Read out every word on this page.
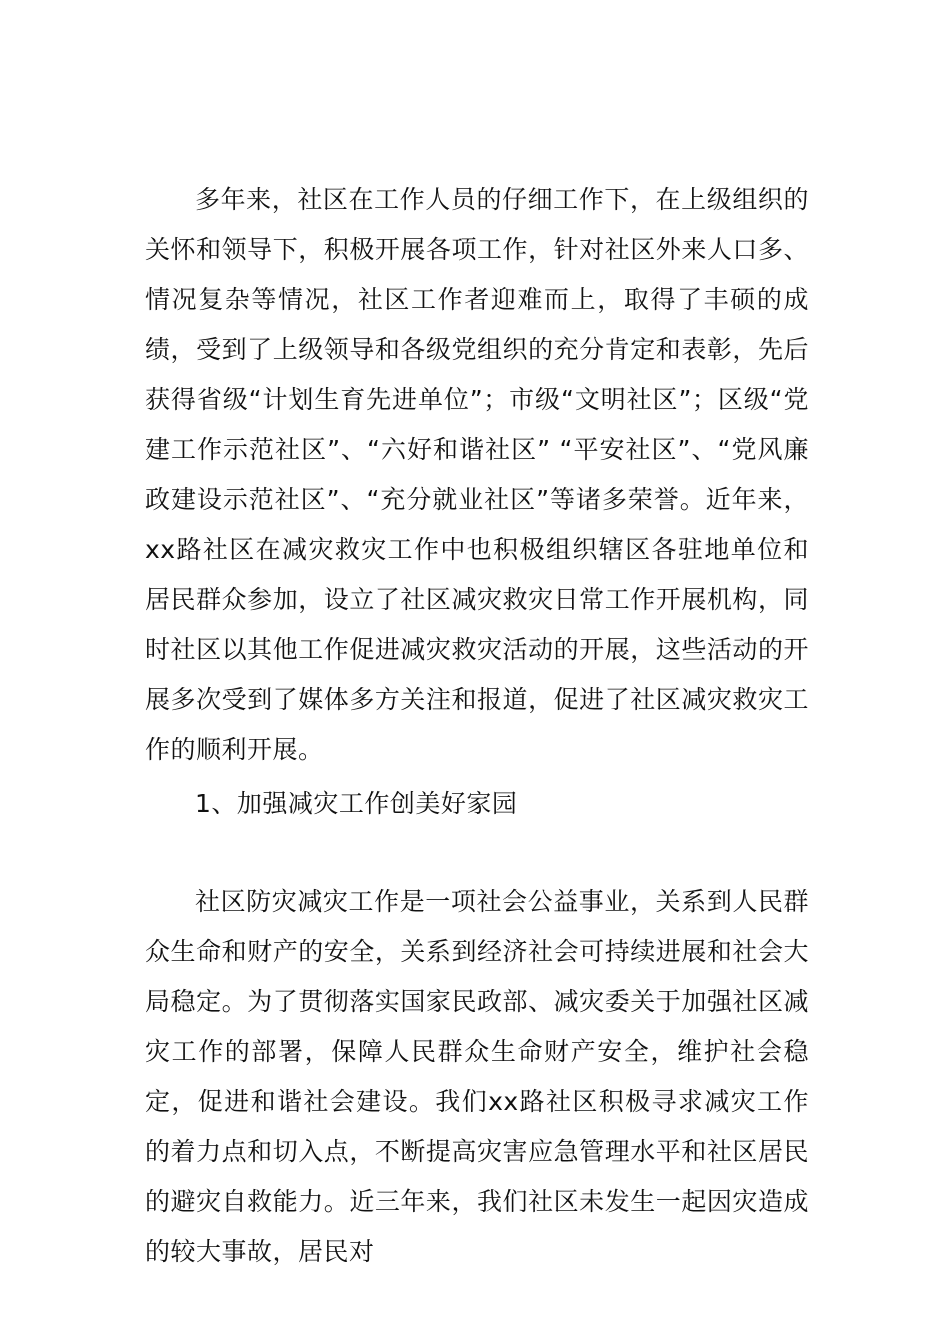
多年来，社区在工作人员的仔细工作下，在上级组织的关怀和领导下，积极开展各项工作，针对社区外来人口多、情况复杂等情况，社区工作者迎难而上，取得了丰硕的成绩，受到了上级领导和各级党组织的充分肯定和表彰，先后获得省级“计划生育先进单位”；市级“文明社区”；区级“党建工作示范社区”、“六好和谐社区” “平安社区”、“党风廉政建设示范社区”、“充分就业社区”等诸多荣誉。近年来，xx路社区在减灾救灾工作中也积极组织辖区各驻地单位和居民群众参加，设立了社区减灾救灾日常工作开展机构，同时社区以其他工作促进减灾救灾活动的开展，这些活动的开展多次受到了媒体多方关注和报道，促进了社区减灾救灾工作的顺利开展。

1、加强减灾工作创美好家园

社区防灾减灾工作是一项社会公益事业，关系到人民群众生命和财产的安全，关系到经济社会可持续进展和社会大局稳定。为了贯彻落实国家民政部、减灾委关于加强社区减灾工作的部署，保障人民群众生命财产安全，维护社会稳定，促进和谐社会建设。我们xx路社区积极寻求减灾工作的着力点和切入点，不断提高灾害应急管理水平和社区居民的避灾自救能力。近三年来，我们社区未发生一起因灾造成的较大事故，居民对
